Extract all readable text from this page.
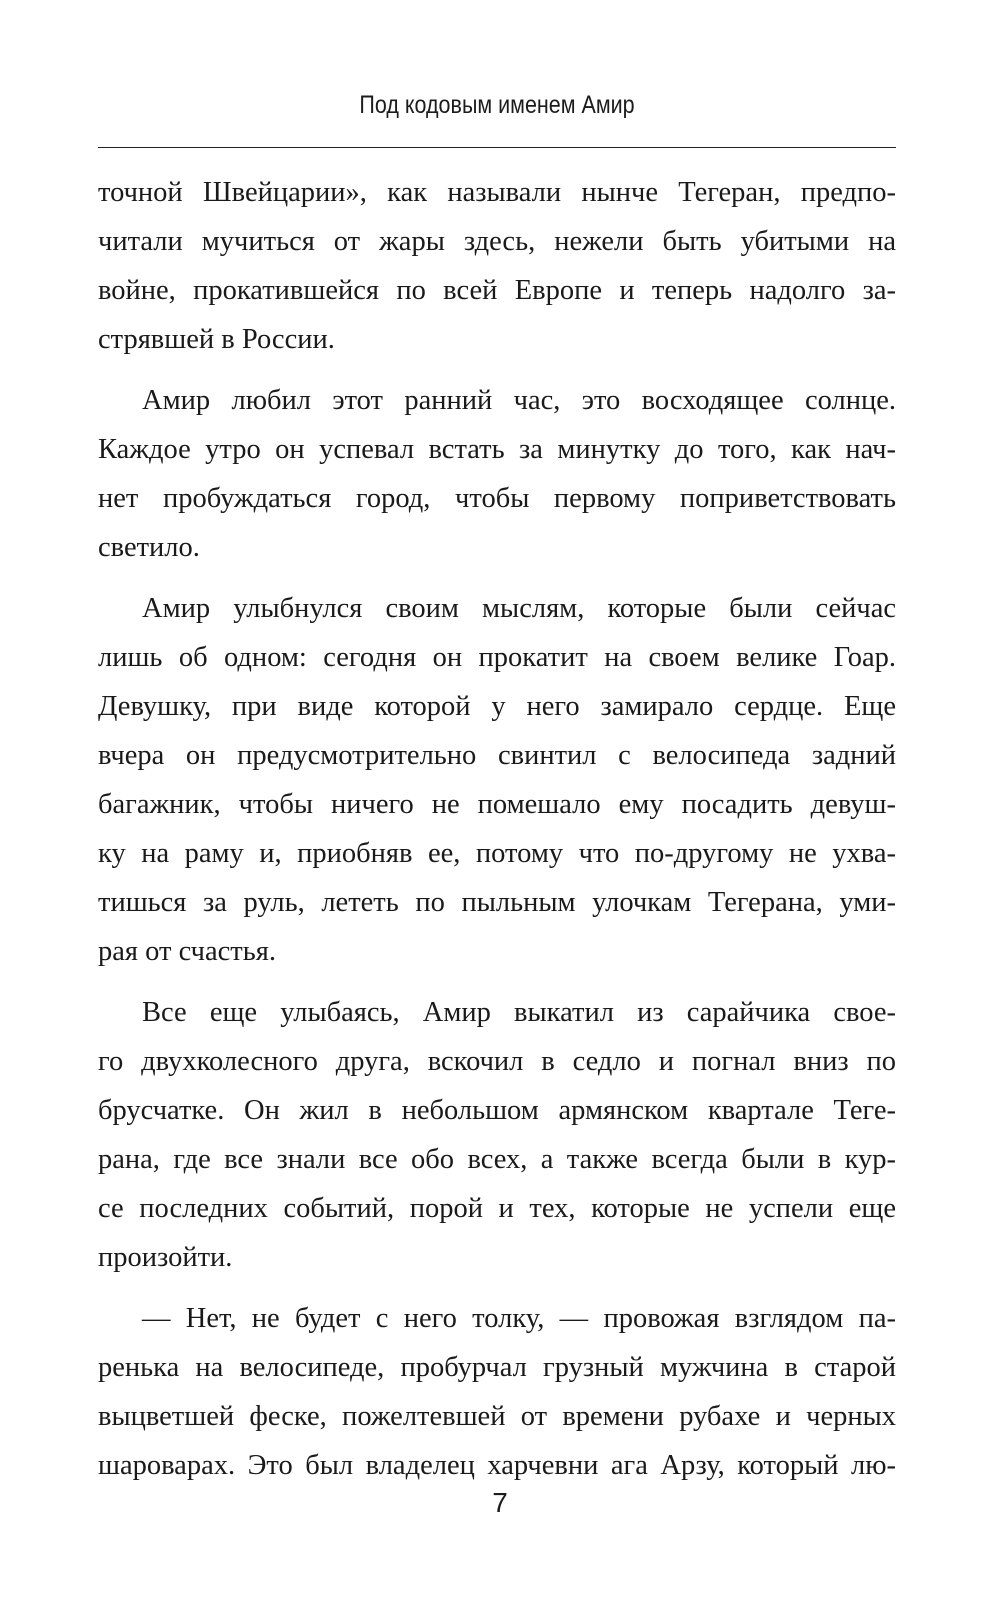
Под кодовым именем Амир
точной Швейцарии», как называли нынче Тегеран, предпо-
читали мучиться от жары здесь, нежели быть убитыми на
войне, прокатившейся по всей Европе и теперь надолго за-
стрявшей в России.
Амир любил этот ранний час, это восходящее солнце.
Каждое утро он успевал встать за минутку до того, как нач-
нет пробуждаться город, чтобы первому поприветствовать
светило.
Амир улыбнулся своим мыслям, которые были сейчас
лишь об одном: сегодня он прокатит на своем велике Гоар.
Девушку, при виде которой у него замирало сердце. Еще
вчера он предусмотрительно свинтил с велосипеда задний
багажник, чтобы ничего не помешало ему посадить девуш-
ку на раму и, приобняв ее, потому что по-другому не ухва-
тишься за руль, лететь по пыльным улочкам Тегерана, уми-
рая от счастья.
Все еще улыбаясь, Амир выкатил из сарайчика свое-
го двухколесного друга, вскочил в седло и погнал вниз по
брусчатке. Он жил в небольшом армянском квартале Теге-
рана, где все знали все обо всех, а также всегда были в кур-
се последних событий, порой и тех, которые не успели еще
произойти.
— Нет, не будет с него толку, — провожая взглядом па-
ренька на велосипеде, пробурчал грузный мужчина в старой
выцветшей феске, пожелтевшей от времени рубахе и черных
шароварах. Это был владелец харчевни ага Арзу, который лю-
7
